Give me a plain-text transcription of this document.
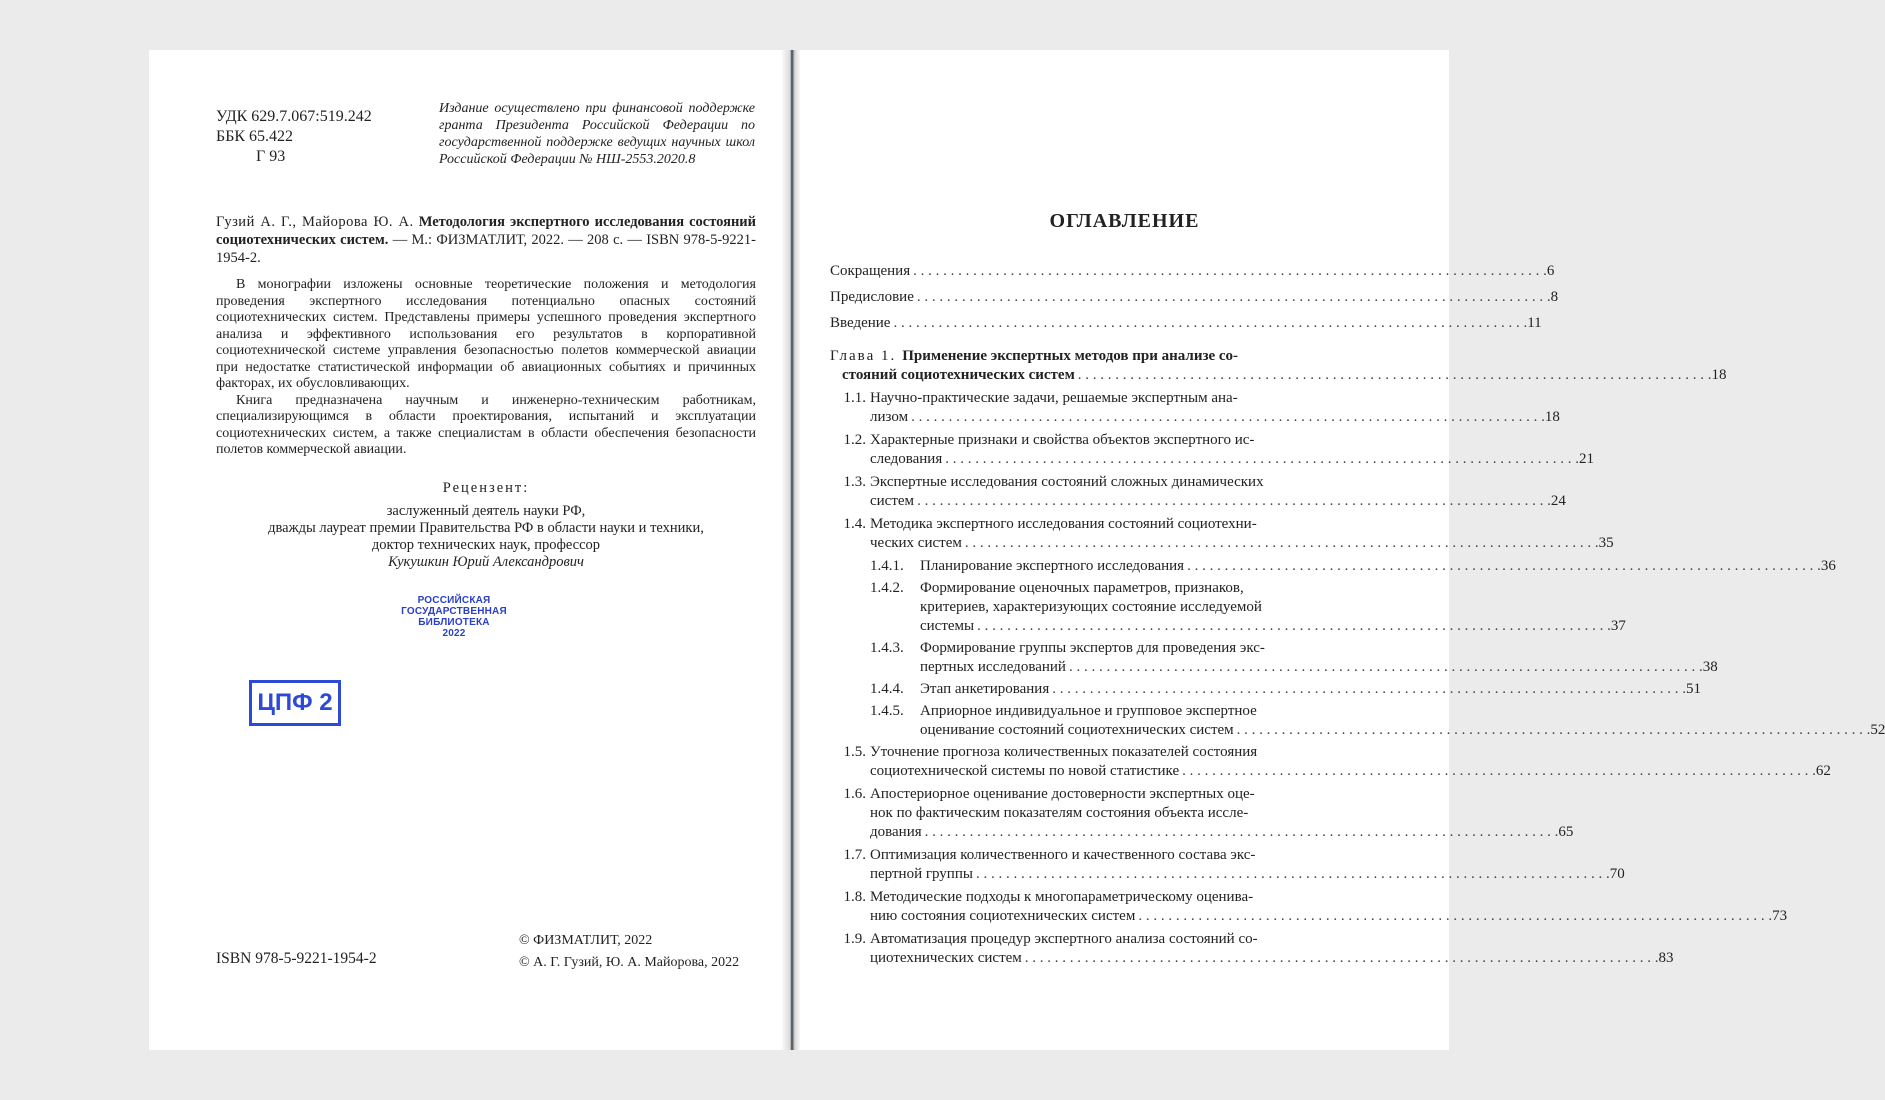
УДК 629.7.067:519.242
ББК 65.422
Г 93
Издание осуществлено при финансовой поддержке гранта Президента Российской Федерации по государственной поддержке ведущих научных школ Российской Федерации № НШ-2553.2020.8
Гузий А. Г., Майорова Ю. А. Методология экспертного исследования состояний социотехнических систем. — М.: ФИЗМАТЛИТ, 2022. — 208 с. — ISBN 978-5-9221-1954-2.

В монографии изложены основные теоретические положения и методология проведения экспертного исследования потенциально опасных состояний социотехнических систем. Представлены примеры успешного проведения экспертного анализа и эффективного использования его результатов в корпоративной социотехнической системе управления безопасностью полетов коммерческой авиации при недостатке статистической информации об авиационных событиях и причинных факторах, их обусловливающих.

Книга предназначена научным и инженерно-техническим работникам, специализирующимся в области проектирования, испытаний и эксплуатации социотехнических систем, а также специалистам в области обеспечения безопасности полетов коммерческой авиации.

Рецензент:
заслуженный деятель науки РФ,
дважды лауреат премии Правительства РФ в области науки и техники,
доктор технических наук, профессор
Кукушкин Юрий Александрович
РОССИЙСКАЯ
ГОСУДАРСТВЕННАЯ
БИБЛИОТЕКА
2022
ЦПФ 2
ISBN 978-5-9221-1954-2
© ФИЗМАТЛИТ, 2022
© А. Г. Гузий, Ю. А. Майорова, 2022
ОГЛАВЛЕНИЕ
Сокращения . . .	6
Предисловие . . .	8
Введение . . .	11
Глава 1. Применение экспертных методов при анализе со-
стояний социотехнических систем . . .	18
1.1. Научно-практические задачи, решаемые экспертным ана-
лизом . . .	18
1.2. Характерные признаки и свойства объектов экспертного ис-
следования . . .	21
1.3. Экспертные исследования состояний сложных динамических
систем . . .	24
1.4. Методика экспертного исследования состояний социотехни-
ческих систем . . .	35
1.4.1.	Планирование экспертного исследования . . .	36
1.4.2.	Формирование оценочных параметров, признаков,
критериев, характеризующих состояние исследуемой
системы . . .	37
1.4.3.	Формирование группы экспертов для проведения экс-
пертных исследований . . .	38
1.4.4.	Этап анкетирования . . .	51
1.4.5.	Априорное индивидуальное и групповое экспертное
оценивание состояний социотехнических систем . . .	52
1.5. Уточнение прогноза количественных показателей состояния
социотехнической системы по новой статистике . . .	62
1.6. Апостериорное оценивание достоверности экспертных оце-
нок по фактическим показателям состояния объекта иссле-
дования . . .	65
1.7. Оптимизация количественного и качественного состава экс-
пертной группы . . .	70
1.8. Методические подходы к многопараметрическому оценива-
нию состояния социотехнических систем . . .	73
1.9. Автоматизация процедур экспертного анализа состояний со-
циотехнических систем . . .	83
